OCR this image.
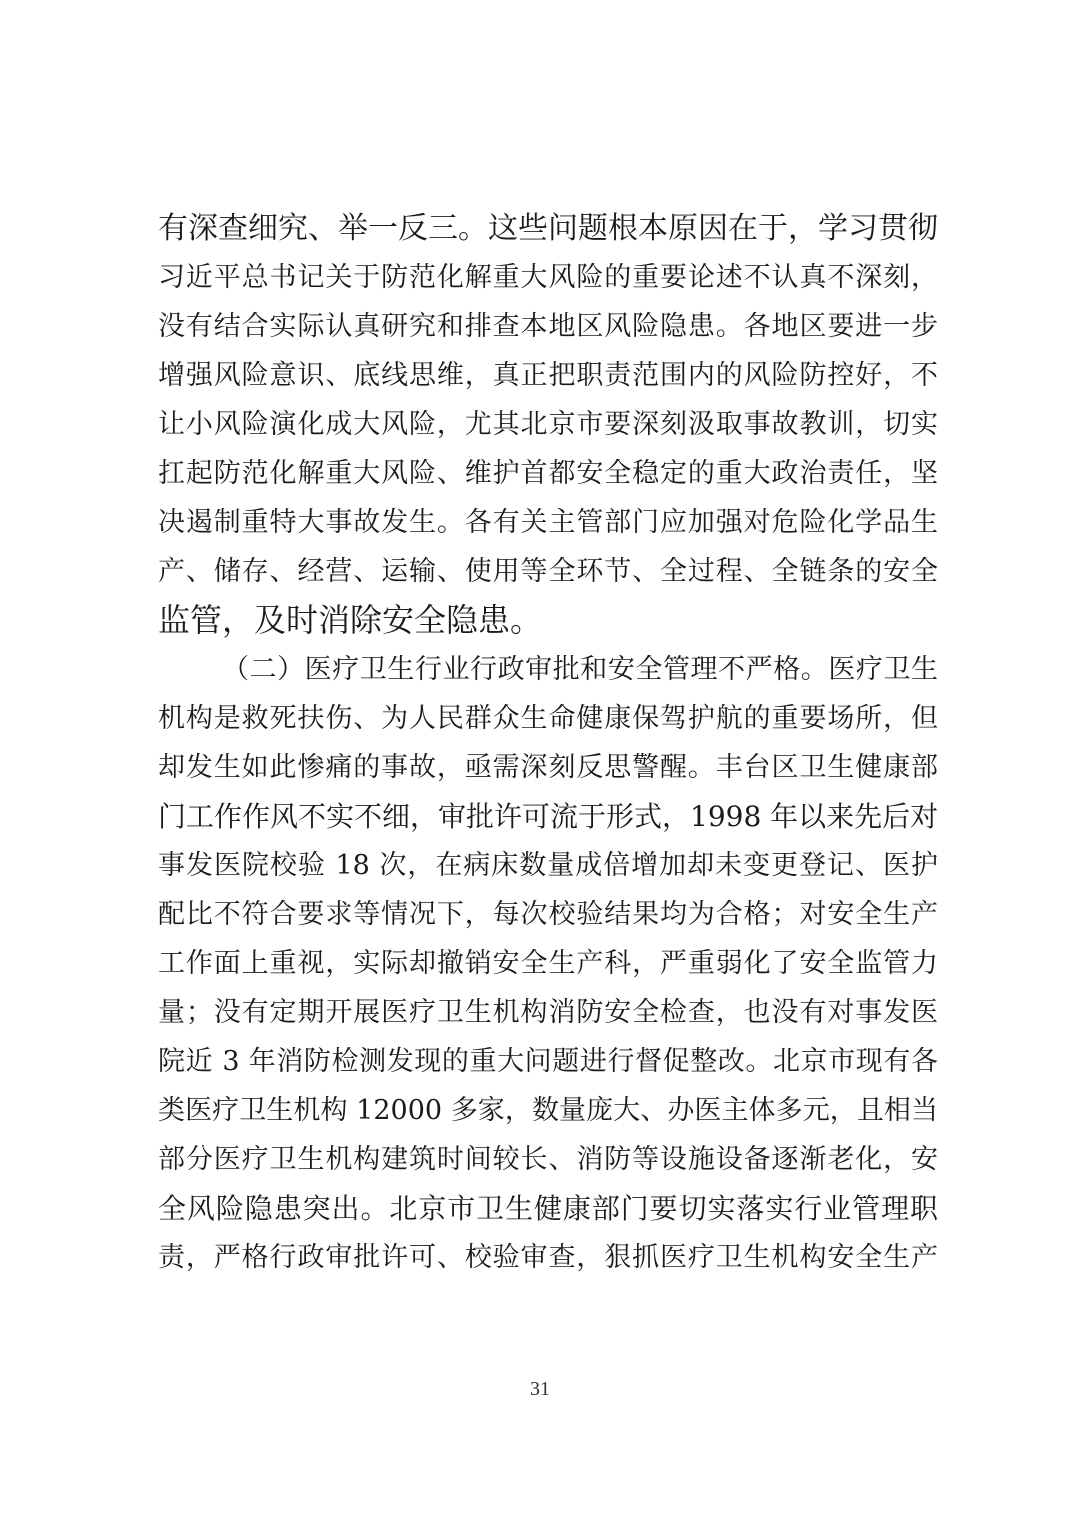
有深查细究、举一反三。这些问题根本原因在于，学习贯彻
习近平总书记关于防范化解重大风险的重要论述不认真不深刻，
没有结合实际认真研究和排查本地区风险隐患。各地区要进一步
增强风险意识、底线思维，真正把职责范围内的风险防控好，不
让小风险演化成大风险，尤其北京市要深刻汲取事故教训，切实
扛起防范化解重大风险、维护首都安全稳定的重大政治责任，坚
决遏制重特大事故发生。各有关主管部门应加强对危险化学品生
产、储存、经营、运输、使用等全环节、全过程、全链条的安全
监管，及时消除安全隐患。
（二）医疗卫生行业行政审批和安全管理不严格。医疗卫生
机构是救死扶伤、为人民群众生命健康保驾护航的重要场所，但
却发生如此惨痛的事故，亟需深刻反思警醒。丰台区卫生健康部
门工作作风不实不细，审批许可流于形式，1998 年以来先后对
事发医院校验 18 次，在病床数量成倍增加却未变更登记、医护
配比不符合要求等情况下，每次校验结果均为合格；对安全生产
工作面上重视，实际却撤销安全生产科，严重弱化了安全监管力
量；没有定期开展医疗卫生机构消防安全检查，也没有对事发医
院近 3 年消防检测发现的重大问题进行督促整改。北京市现有各
类医疗卫生机构 12000 多家，数量庞大、办医主体多元，且相当
部分医疗卫生机构建筑时间较长、消防等设施设备逐渐老化，安
全风险隐患突出。北京市卫生健康部门要切实落实行业管理职
责，严格行政审批许可、校验审查，狠抓医疗卫生机构安全生产
31
